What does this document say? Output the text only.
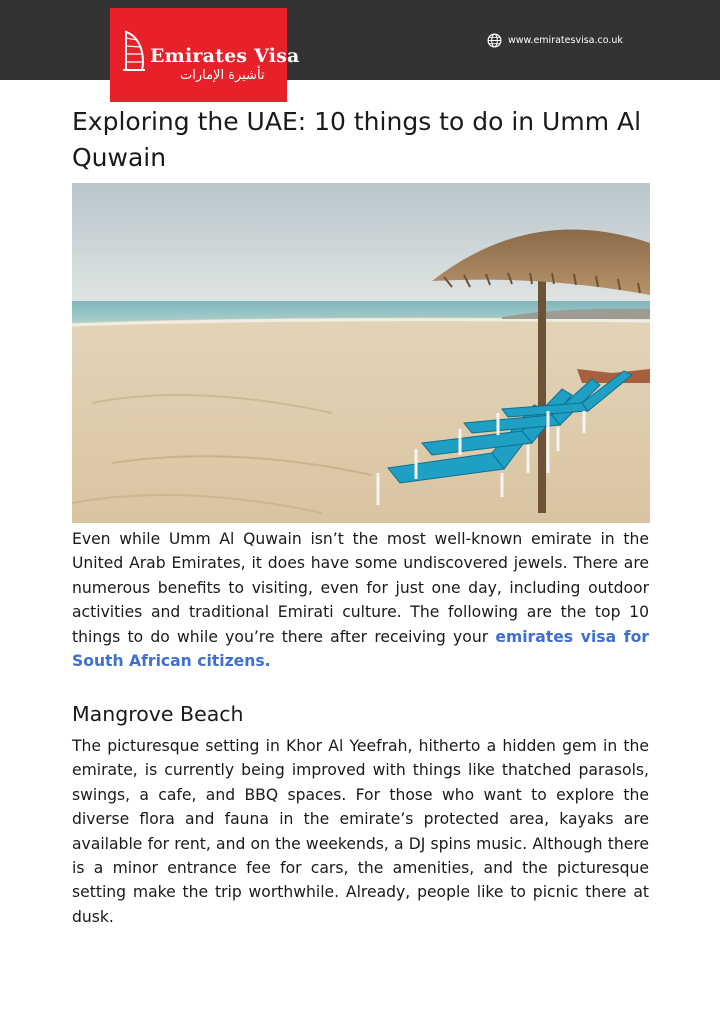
www.emiratesvisa.co.uk
Emirates Visa
تأشيرة الإمارات
Exploring the UAE: 10 things to do in Umm Al Quwain

Even while Umm Al Quwain isn’t the most well-known emirate in the United Arab Emirates, it does have some undiscovered jewels. There are numerous benefits to visiting, even for just one day, including outdoor activities and traditional Emirati culture. The following are the top 10 things to do while you’re there after receiving your emirates visa for South African citizens.

Mangrove Beach

The picturesque setting in Khor Al Yeefrah, hitherto a hidden gem in the emirate, is currently being improved with things like thatched parasols, swings, a cafe, and BBQ spaces. For those who want to explore the diverse flora and fauna in the emirate’s protected area, kayaks are available for rent, and on the weekends, a DJ spins music. Although there is a minor entrance fee for cars, the amenities, and the picturesque setting make the trip worthwhile. Already, people like to picnic there at dusk.
